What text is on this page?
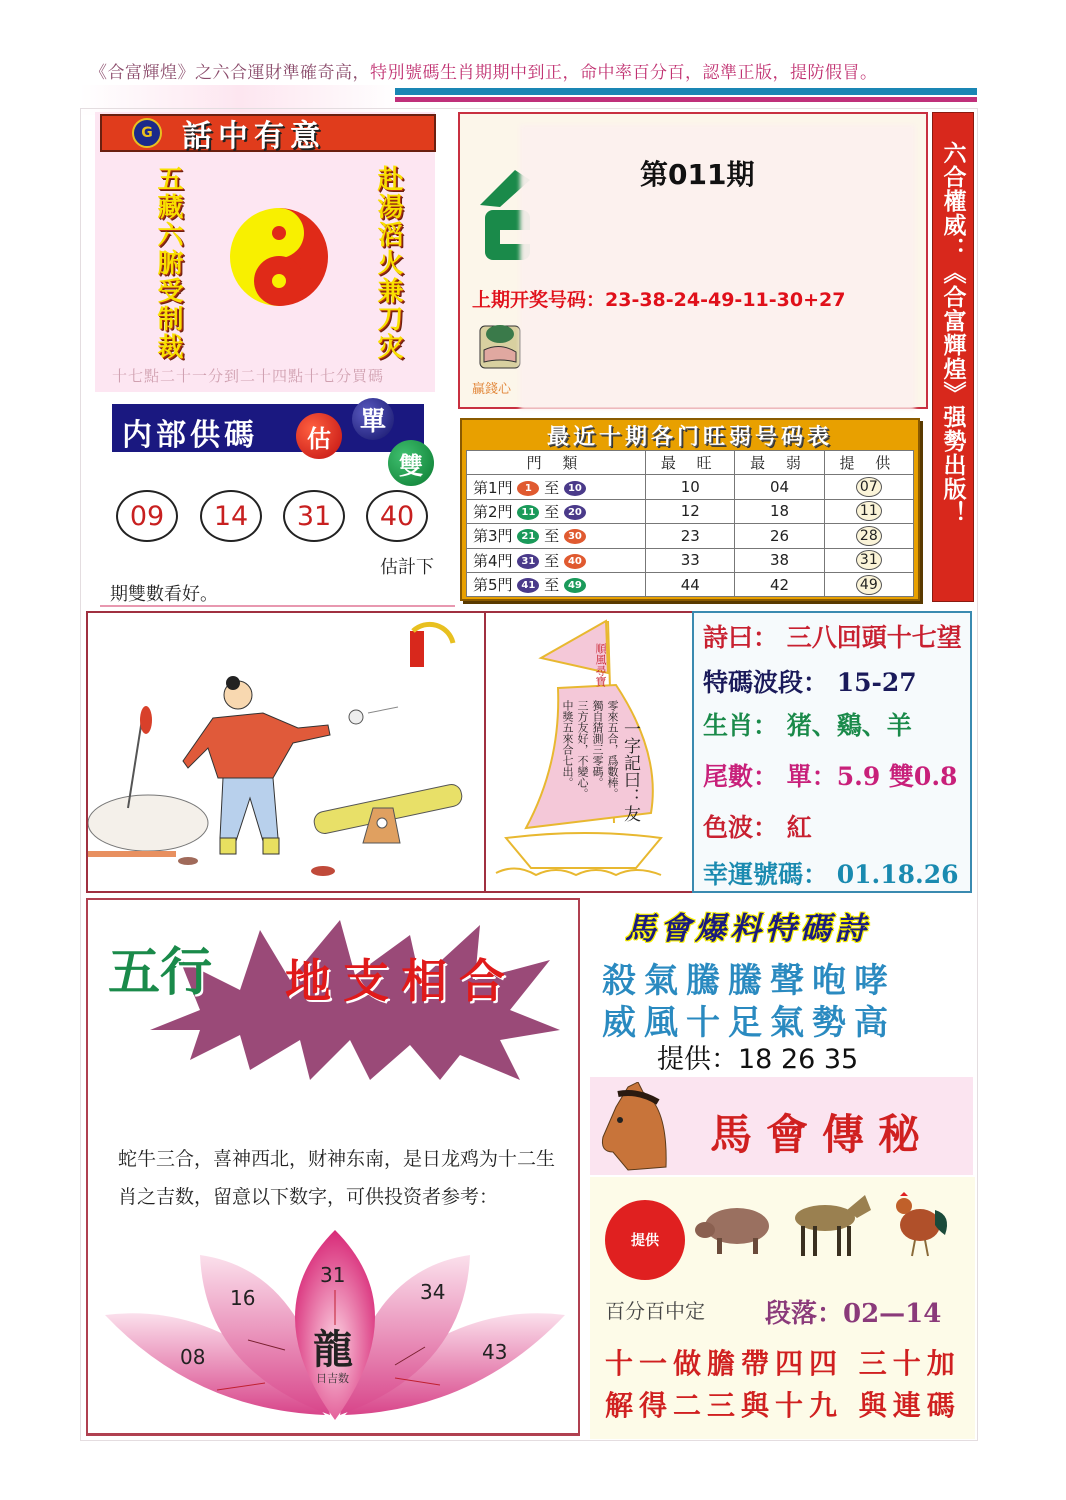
《合富輝煌》之六合運財準確奇高，特別號碼生肖期期中到正，命中率百分百，認準正版，提防假冒。
G 話中有意
五藏六腑受制裁	赴湯滔火兼刀灾
十七點二十一分到二十四點十七分買碼
贏錢心
第011期
上期开奖号码：23-38-24-49-11-30+27	六合權威：《合富輝煌》强勢出版！
内部供碼	估
單
雙
09	14	31	40
估計下
期雙數看好。
最近十期各门旺弱号码表
門 類	最 旺	最 弱	提 供
第1門 1 至 10	10	04	07
第2門 11 至 20	12	18	11
第3門 21 至 30	23	26	28
第4門 31 至 40	33	38	31
第5門 41 至 49	44	42	49
順風尋寶
一字記曰：友
零來五合，爲數棒。
獨自猜測三零碼。
三方友好，不變心。
中獎五來合七出。
詩曰： 三八回頭十七望
特碼波段： 15-27
生肖： 猪、鷄、羊
尾數： 單：5.9 雙0.8
色波： 紅
幸運號碼： 01.18.26
五行 地支相合
蛇牛三合，喜神西北，财神东南，是日龙鸡为十二生肖之吉数，留意以下数字，可供投资者参考：
08
16
31
34
43
龍
日吉数
馬會爆料特碼詩
殺氣騰騰聲咆哮
威風十足氣勢高
提供：18 26 35
馬會傳秘
提供
百分百中定 段落：02—14
十一做膽帶四四 三十加
解得二三與十九 與連碼
